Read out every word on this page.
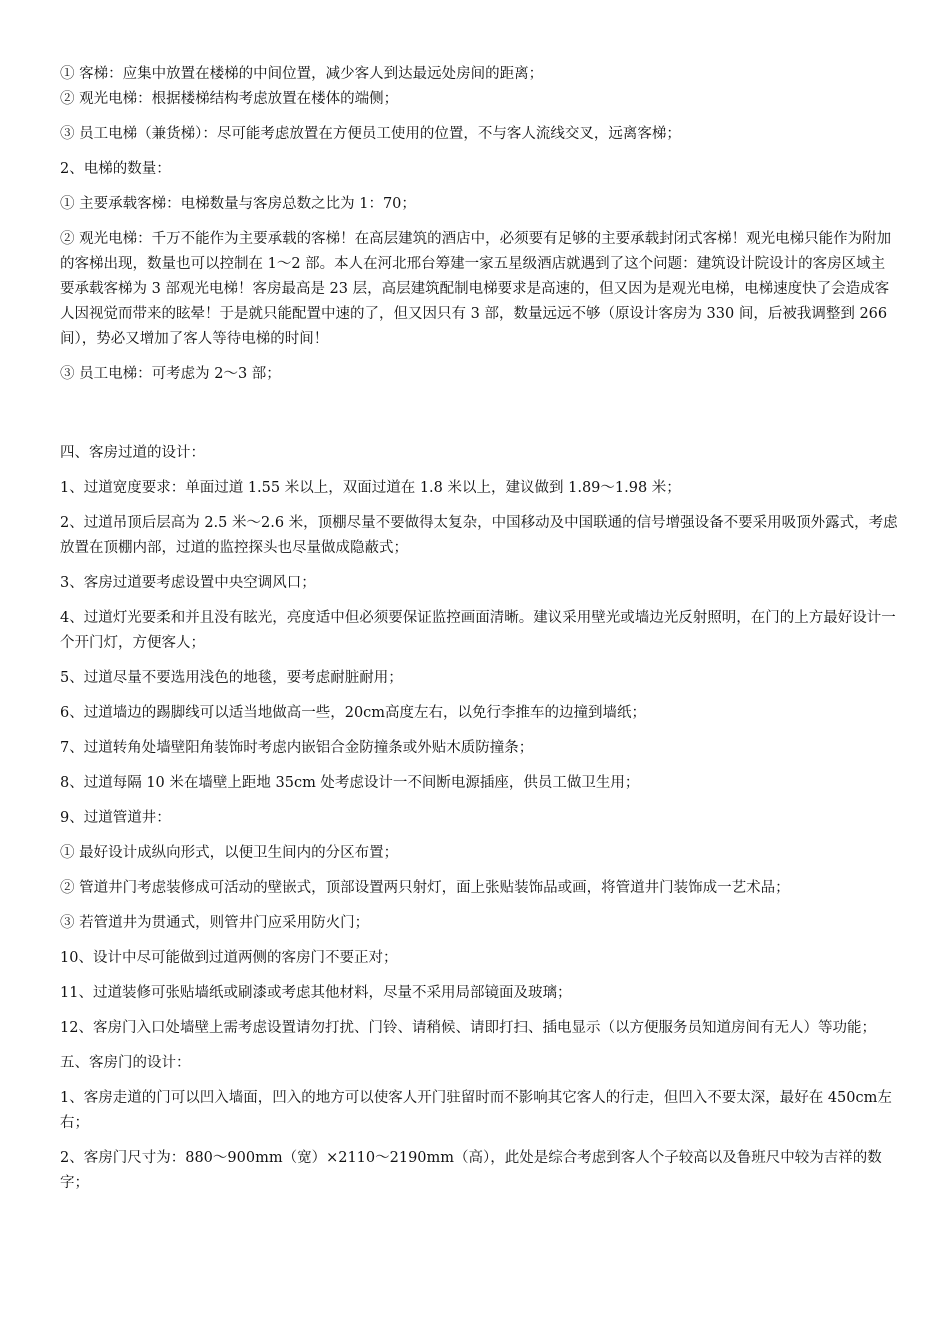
① 客梯：应集中放置在楼梯的中间位置，减少客人到达最远处房间的距离；

② 观光电梯：根据楼梯结构考虑放置在楼体的端侧；

③ 员工电梯（兼货梯）：尽可能考虑放置在方便员工使用的位置，不与客人流线交叉，远离客梯；

2、电梯的数量：

① 主要承载客梯：电梯数量与客房总数之比为 1：70；

② 观光电梯：千万不能作为主要承载的客梯！在高层建筑的酒店中，必须要有足够的主要承载封闭式客梯！观光电梯只能作为附加的客梯出现，数量也可以控制在 1～2 部。本人在河北邢台筹建一家五星级酒店就遇到了这个问题：建筑设计院设计的客房区域主要承载客梯为 3 部观光电梯！客房最高是 23 层，高层建筑配制电梯要求是高速的，但又因为是观光电梯，电梯速度快了会造成客人因视觉而带来的眩晕！于是就只能配置中速的了，但又因只有 3 部，数量远远不够（原设计客房为 330 间，后被我调整到 266 间），势必又增加了客人等待电梯的时间！

③ 员工电梯：可考虑为 2～3 部；

四、客房过道的设计：

1、过道宽度要求：单面过道 1.55 米以上，双面过道在 1.8 米以上，建议做到 1.89～1.98 米；

2、过道吊顶后层高为 2.5 米～2.6 米，顶棚尽量不要做得太复杂，中国移动及中国联通的信号增强设备不要采用吸顶外露式，考虑放置在顶棚内部，过道的监控探头也尽量做成隐蔽式；

3、客房过道要考虑设置中央空调风口；

4、过道灯光要柔和并且没有眩光，亮度适中但必须要保证监控画面清晰。建议采用壁光或墙边光反射照明，在门的上方最好设计一个开门灯，方便客人；

5、过道尽量不要选用浅色的地毯，要考虑耐脏耐用；

6、过道墙边的踢脚线可以适当地做高一些，20cm高度左右，以免行李推车的边撞到墙纸；

7、过道转角处墙壁阳角装饰时考虑内嵌铝合金防撞条或外贴木质防撞条；

8、过道每隔 10 米在墙壁上距地 35cm 处考虑设计一不间断电源插座，供员工做卫生用；

9、过道管道井：

① 最好设计成纵向形式，以便卫生间内的分区布置；

② 管道井门考虑装修成可活动的壁嵌式，顶部设置两只射灯，面上张贴装饰品或画，将管道井门装饰成一艺术品；

③ 若管道井为贯通式，则管井门应采用防火门；

10、设计中尽可能做到过道两侧的客房门不要正对；

11、过道装修可张贴墙纸或刷漆或考虑其他材料，尽量不采用局部镜面及玻璃；

12、客房门入口处墙壁上需考虑设置请勿打扰、门铃、请稍候、请即打扫、插电显示（以方便服务员知道房间有无人）等功能；

五、客房门的设计：

1、客房走道的门可以凹入墙面，凹入的地方可以使客人开门驻留时而不影响其它客人的行走，但凹入不要太深，最好在 450cm左右；

2、客房门尺寸为：880～900mm（宽）×2110～2190mm（高），此处是综合考虑到客人个子较高以及鲁班尺中较为吉祥的数字；
